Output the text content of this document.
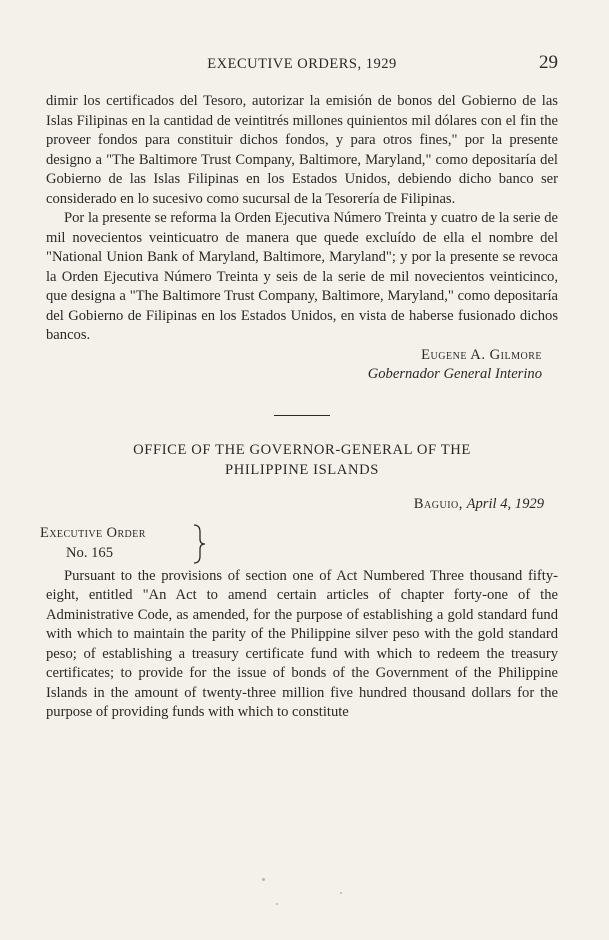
EXECUTIVE ORDERS, 1929	29

dimir los certificados del Tesoro, autorizar la emisión de bonos del Gobierno de las Islas Filipinas en la cantidad de veintitrés millones quinientos mil dólares con el fin the proveer fondos para constituir dichos fondos, y para otros fines," por la presente designo a "The Baltimore Trust Company, Baltimore, Maryland," como depositaría del Gobierno de las Islas Filipinas en los Estados Unidos, debiendo dicho banco ser considerado en lo sucesivo como sucursal de la Tesorería de Filipinas.

Por la presente se reforma la Orden Ejecutiva Número Treinta y cuatro de la serie de mil novecientos veinticuatro de manera que quede excluído de ella el nombre del "National Union Bank of Maryland, Baltimore, Maryland"; y por la presente se revoca la Orden Ejecutiva Número Treinta y seis de la serie de mil novecientos veinticinco, que designa a "The Baltimore Trust Company, Baltimore, Maryland," como depositaría del Gobierno de Filipinas en los Estados Unidos, en vista de haberse fusionado dichos bancos.

Eugene A. Gilmore
Gobernador General Interino
OFFICE OF THE GOVERNOR-GENERAL OF THE
PHILIPPINE ISLANDS
Baguio, April 4, 1929
Executive Order
No. 165

Pursuant to the provisions of section one of Act Numbered Three thousand fifty-eight, entitled "An Act to amend certain articles of chapter forty-one of the Administrative Code, as amended, for the purpose of establishing a gold standard fund with which to maintain the parity of the Philippine silver peso with the gold standard peso; of establishing a treasury certificate fund with which to redeem the treasury certificates; to provide for the issue of bonds of the Government of the Philippine Islands in the amount of twenty-three million five hundred thousand dollars for the purpose of providing funds with which to constitute
